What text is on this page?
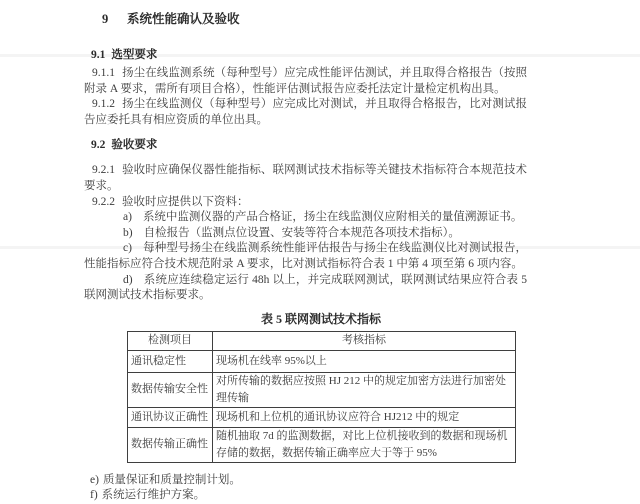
9 系统性能确认及验收
9.1 选型要求

9.1.1 扬尘在线监测系统（每种型号）应完成性能评估测试，并且取得合格报告（按照附录 A 要求，需所有项目合格），性能评估测试报告应委托法定计量检定机构出具。

9.1.2 扬尘在线监测仪（每种型号）应完成比对测试，并且取得合格报告，比对测试报告应委托具有相应资质的单位出具。

9.2 验收要求

9.2.1 验收时应确保仪器性能指标、联网测试技术指标等关键技术指标符合本规范技术要求。

9.2.2 验收时应提供以下资料：

a) 系统中监测仪器的产品合格证，扬尘在线监测仪应附相关的量值溯源证书。

b) 自检报告（监测点位设置、安装等符合本规范各项技术指标）。

c) 每种型号扬尘在线监测系统性能评估报告与扬尘在线监测仪比对测试报告，性能指标应符合技术规范附录 A 要求，比对测试指标符合表 1 中第 4 项至第 6 项内容。

d) 系统应连续稳定运行 48h 以上，并完成联网测试，联网测试结果应符合表 5 联网测试技术指标要求。

表 5 联网测试技术指标
检测项目	考核指标
通讯稳定性	现场机在线率 95%以上
数据传输安全性	对所传输的数据应按照 HJ 212 中的规定加密方法进行加密处理传输
通讯协议正确性	现场机和上位机的通讯协议应符合 HJ212 中的规定
数据传输正确性	随机抽取 7d 的监测数据，对比上位机接收到的数据和现场机存储的数据，数据传输正确率应大于等于 95%

e) 质量保证和质量控制计划。

f) 系统运行维护方案。
